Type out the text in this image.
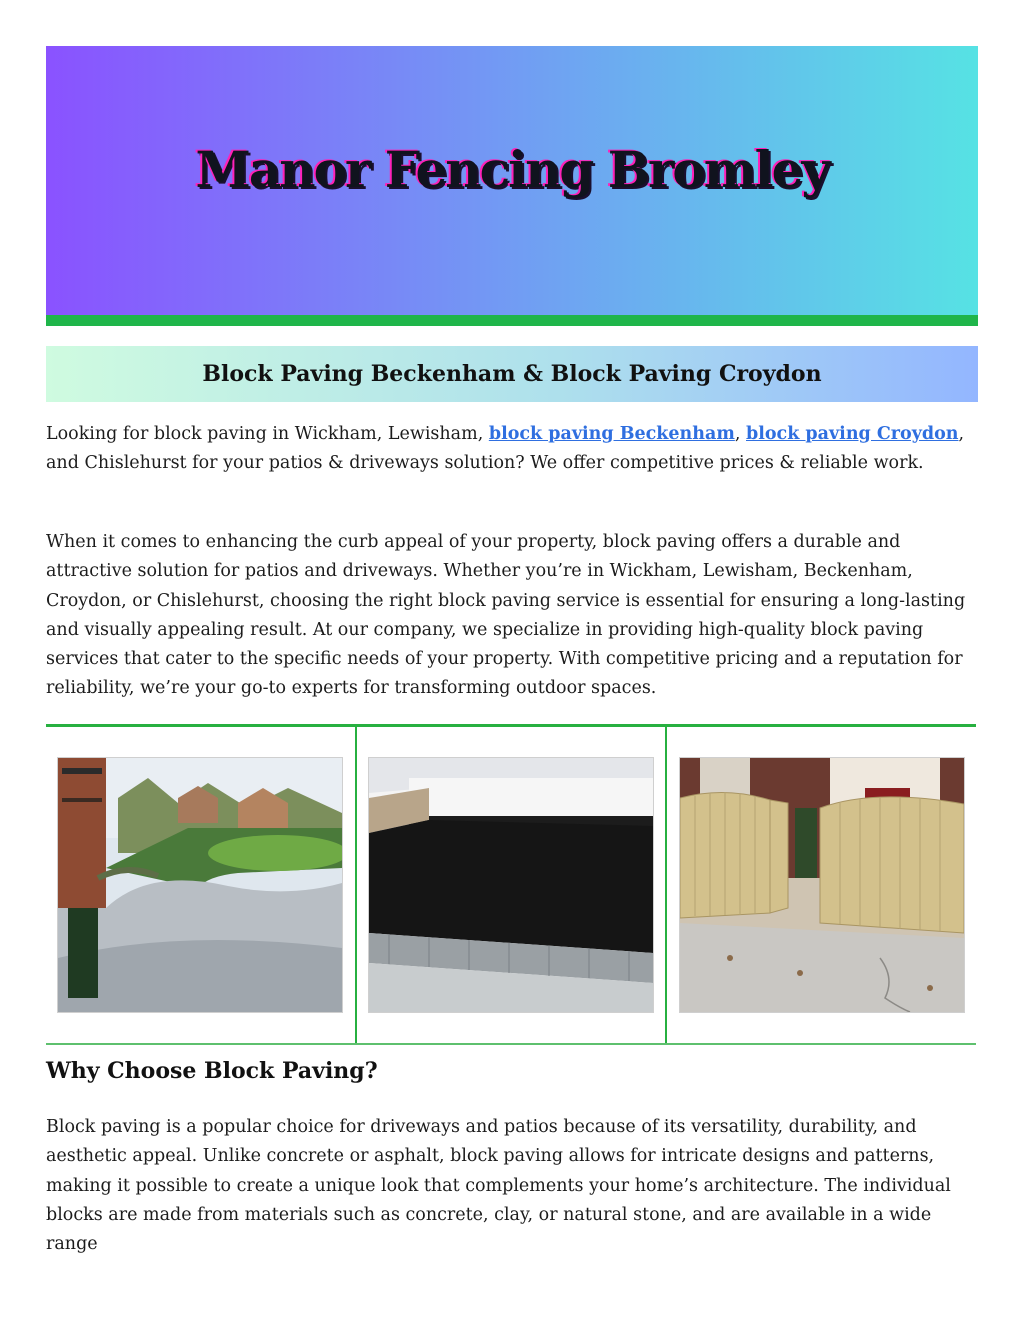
Manor Fencing Bromley
Block Paving Beckenham & Block Paving Croydon

Looking for block paving in Wickham, Lewisham, block paving Beckenham, block paving Croydon, and Chislehurst for your patios & driveways solution? We offer competitive prices & reliable work.

When it comes to enhancing the curb appeal of your property, block paving offers a durable and attractive solution for patios and driveways. Whether you’re in Wickham, Lewisham, Beckenham, Croydon, or Chislehurst, choosing the right block paving service is essential for ensuring a long-lasting and visually appealing result. At our company, we specialize in providing high-quality block paving services that cater to the specific needs of your property. With competitive pricing and a reputation for reliability, we’re your go-to experts for transforming outdoor spaces.

Why Choose Block Paving?

Block paving is a popular choice for driveways and patios because of its versatility, durability, and aesthetic appeal. Unlike concrete or asphalt, block paving allows for intricate designs and patterns, making it possible to create a unique look that complements your home’s architecture. The individual blocks are made from materials such as concrete, clay, or natural stone, and are available in a wide range
